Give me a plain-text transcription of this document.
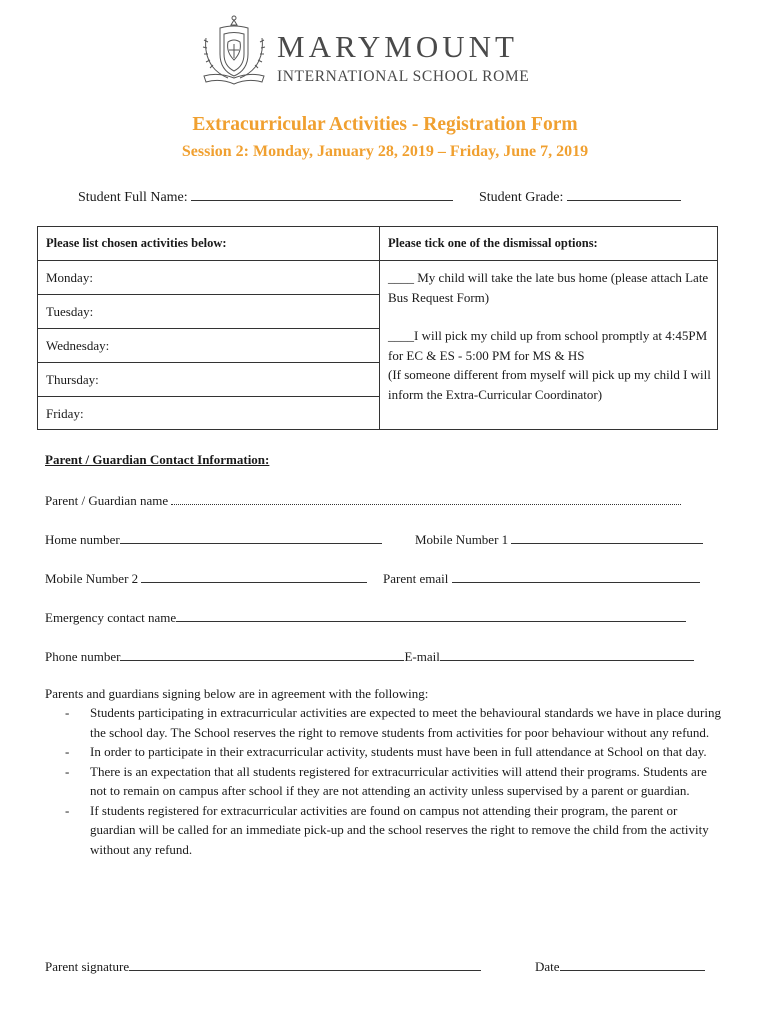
MARYMOUNT
INTERNATIONAL SCHOOL ROME
Extracurricular Activities - Registration Form
Session 2: Monday, January 28, 2019 – Friday, June 7, 2019
Student Full Name:	Student Grade:
Please list chosen activities below:	Please tick one of the dismissal options:
Monday:
Tuesday:
Wednesday:
Thursday:
Friday:
____ My child will take the late bus home (please attach Late Bus Request Form)
____I will pick my child up from school promptly at 4:45PM for EC & ES - 5:00 PM for MS & HS
(If someone different from myself will pick up my child I will inform the Extra-Curricular Coordinator)
Parent / Guardian Contact Information:
Parent / Guardian name
Home number	Mobile Number 1
Mobile Number 2	Parent email
Emergency contact name
Phone number	E-mail
Parents and guardians signing below are in agreement with the following:
- Students participating in extracurricular activities are expected to meet the behavioural standards we have in place during the school day. The School reserves the right to remove students from activities for poor behaviour without any refund.
- In order to participate in their extracurricular activity, students must have been in full attendance at School on that day.
- There is an expectation that all students registered for extracurricular activities will attend their programs. Students are not to remain on campus after school if they are not attending an activity unless supervised by a parent or guardian.
- If students registered for extracurricular activities are found on campus not attending their program, the parent or guardian will be called for an immediate pick-up and the school reserves the right to remove the child from the activity without any refund.
Parent signature	Date
